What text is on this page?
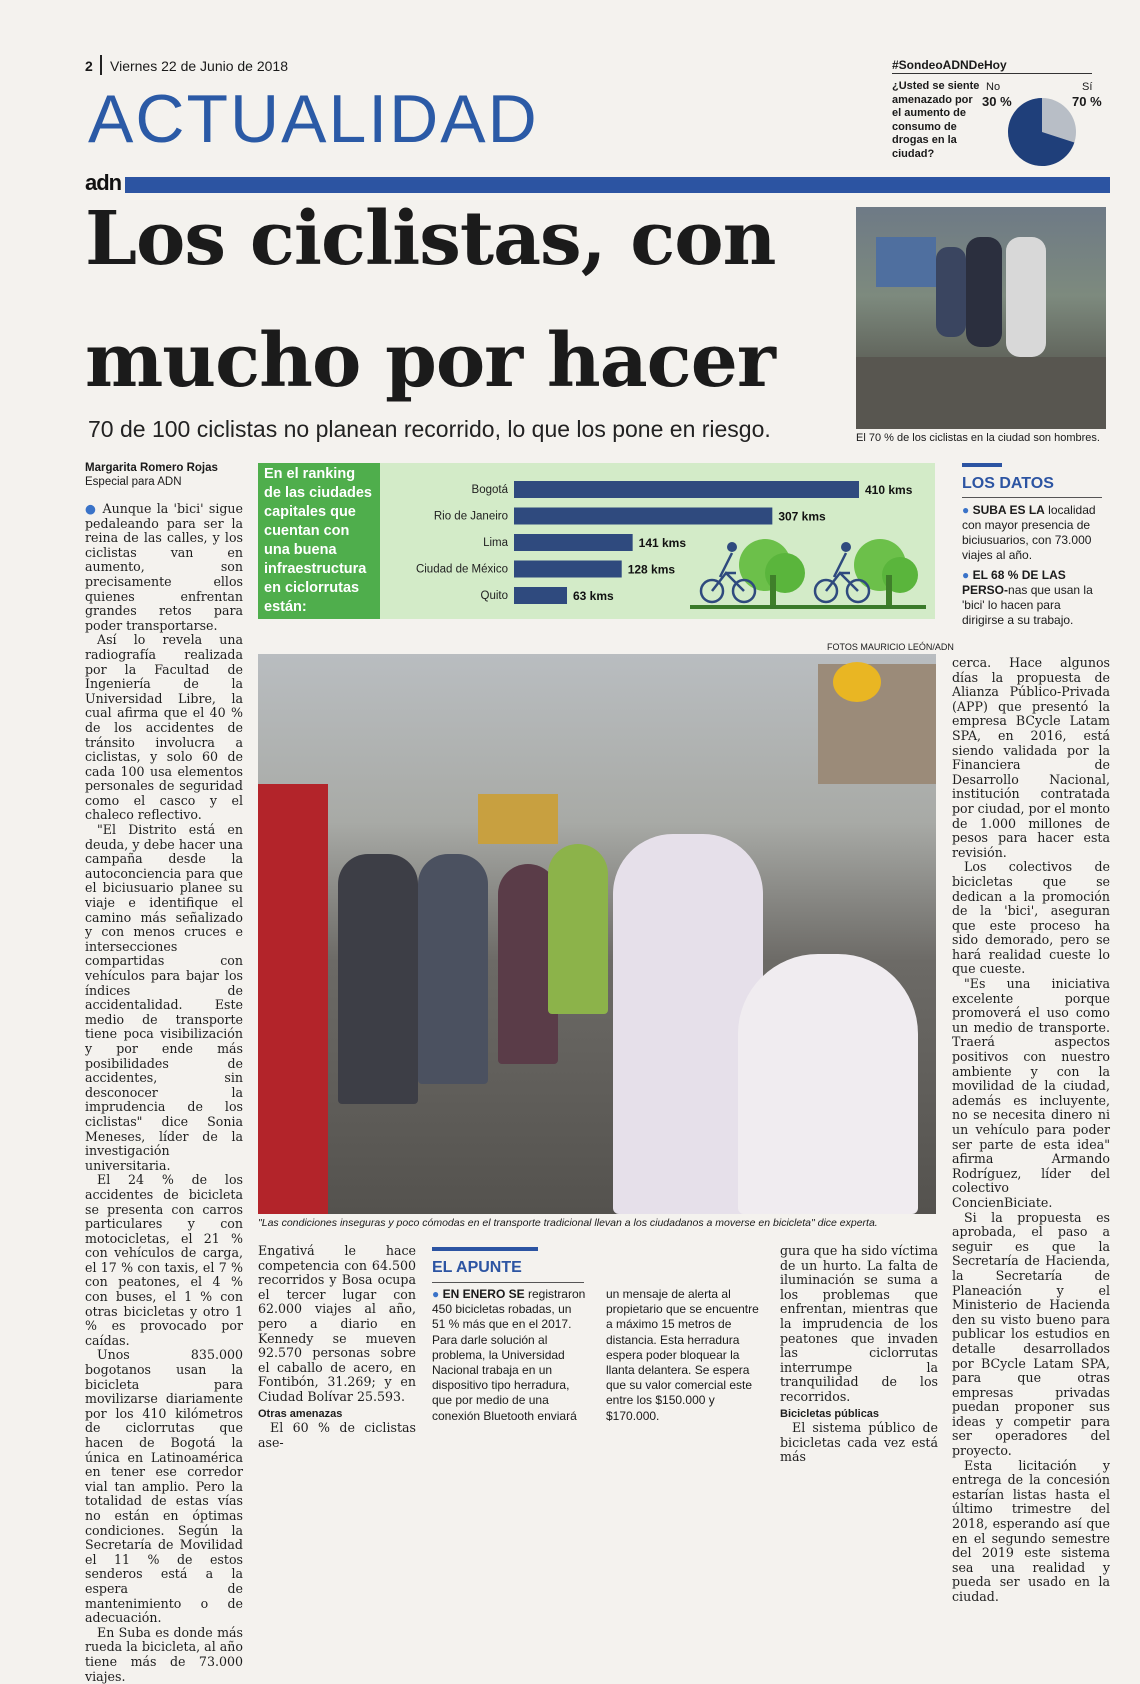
2 Viernes 22 de Junio de 2018
ACTUALIDAD
adn
#SondeoADNDeHoy
¿Usted se siente amenazado por el aumento de consumo de drogas en la ciudad?
No
30 %
Sí
70 %
Los ciclistas, con
mucho por hacer
70 de 100 ciclistas no planean recorrido, lo que los pone en riesgo.	El 70 % de los ciclistas en la ciudad son hombres.
Margarita Romero Rojas
Especial para ADN

● Aunque la 'bici' sigue pedaleando para ser la reina de las calles, y los ciclistas van en aumento, son precisamente ellos quienes enfrentan grandes retos para poder transportarse.

Así lo revela una radiografía realizada por la Facultad de Ingeniería de la Universidad Libre, la cual afirma que el 40 % de los accidentes de tránsito involucra a ciclistas, y solo 60 de cada 100 usa elementos personales de seguridad como el casco y el chaleco reflectivo.

"El Distrito está en deuda, y debe hacer una campaña desde la autoconciencia para que el biciusuario planee su viaje e identifique el camino más señalizado y con menos cruces e intersecciones compartidas con vehículos para bajar los índices de accidentalidad. Este medio de transporte tiene poca visibilización y por ende más posibilidades de accidentes, sin desconocer la imprudencia de los ciclistas" dice Sonia Meneses, líder de la investigación universitaria.

El 24 % de los accidentes de bicicleta se presenta con carros particulares y con motocicletas, el 21 % con vehículos de carga, el 17 % con taxis, el 7 % con peatones, el 4 % con buses, el 1 % con otras bicicletas y otro 1 % es provocado por caídas.

Unos 835.000 bogotanos usan la bicicleta para movilizarse diariamente por los 410 kilómetros de ciclorrutas que hacen de Bogotá la única en Latinoamérica en tener ese corredor vial tan amplio. Pero la totalidad de estas vías no están en óptimas condiciones. Según la Secretaría de Movilidad el 11 % de estos senderos está a la espera de mantenimiento o de adecuación.

En Suba es donde más rueda la bicicleta, al año tiene más de 73.000 viajes.

En el ranking de las ciudades capitales que cuentan con una buena infraestructura en ciclorrutas están:
Bogotá	410 kms
Rio de Janeiro	307 kms
Lima	141 kms
Ciudad de México	128 kms
Quito	63 kms
LOS DATOS
● SUBA ES LA localidad con mayor presencia de biciusuarios, con 73.000 viajes al año.
● EL 68 % DE LAS PERSO-nas que usan la 'bici' lo hacen para dirigirse a su trabajo.
FOTOS MAURICIO LEÓN/ADN
"Las condiciones inseguras y poco cómodas en el transporte tradicional llevan a los ciudadanos a moverse en bicicleta" dice experta.

Engativá le hace competencia con 64.500 recorridos y Bosa ocupa el tercer lugar con 62.000 viajes al año, pero a diario en Kennedy se mueven 92.570 personas sobre el caballo de acero, en Fontibón, 31.269; y en Ciudad Bolívar 25.593.

Otras amenazas

El 60 % de ciclistas ase-

EL APUNTE
● EN ENERO SE registraron 450 bicicletas robadas, un 51 % más que en el 2017. Para darle solución al problema, la Universidad Nacional trabaja en un dispositivo tipo herradura, que por medio de una conexión Bluetooth enviará
un mensaje de alerta al propietario que se encuentre a máximo 15 metros de distancia. Esta herradura espera poder bloquear la llanta delantera. Se espera que su valor comercial este entre los $150.000 y $170.000.

gura que ha sido víctima de un hurto. La falta de iluminación se suma a los problemas que enfrentan, mientras que la imprudencia de los peatones que invaden las ciclorrutas interrumpe la tranquilidad de los recorridos.

Bicicletas públicas

El sistema público de bicicletas cada vez está más

cerca. Hace algunos días la propuesta de Alianza Público-Privada (APP) que presentó la empresa BCycle Latam SPA, en 2016, está siendo validada por la Financiera de Desarrollo Nacional, institución contratada por ciudad, por el monto de 1.000 millones de pesos para hacer esta revisión.

Los colectivos de bicicletas que se dedican a la promoción de la 'bici', aseguran que este proceso ha sido demorado, pero se hará realidad cueste lo que cueste.

"Es una iniciativa excelente porque promoverá el uso como un medio de transporte. Traerá aspectos positivos con nuestro ambiente y con la movilidad de la ciudad, además es incluyente, no se necesita dinero ni un vehículo para poder ser parte de esta idea" afirma Armando Rodríguez, líder del colectivo ConcienBiciate.

Si la propuesta es aprobada, el paso a seguir es que la Secretaría de Hacienda, la Secretaría de Planeación y el Ministerio de Hacienda den su visto bueno para publicar los estudios en detalle desarrollados por BCycle Latam SPA, para que otras empresas privadas puedan proponer sus ideas y competir para ser operadores del proyecto.

Esta licitación y entrega de la concesión estarían listas hasta el último trimestre del 2018, esperando así que en el segundo semestre del 2019 este sistema sea una realidad y pueda ser usado en la ciudad.
